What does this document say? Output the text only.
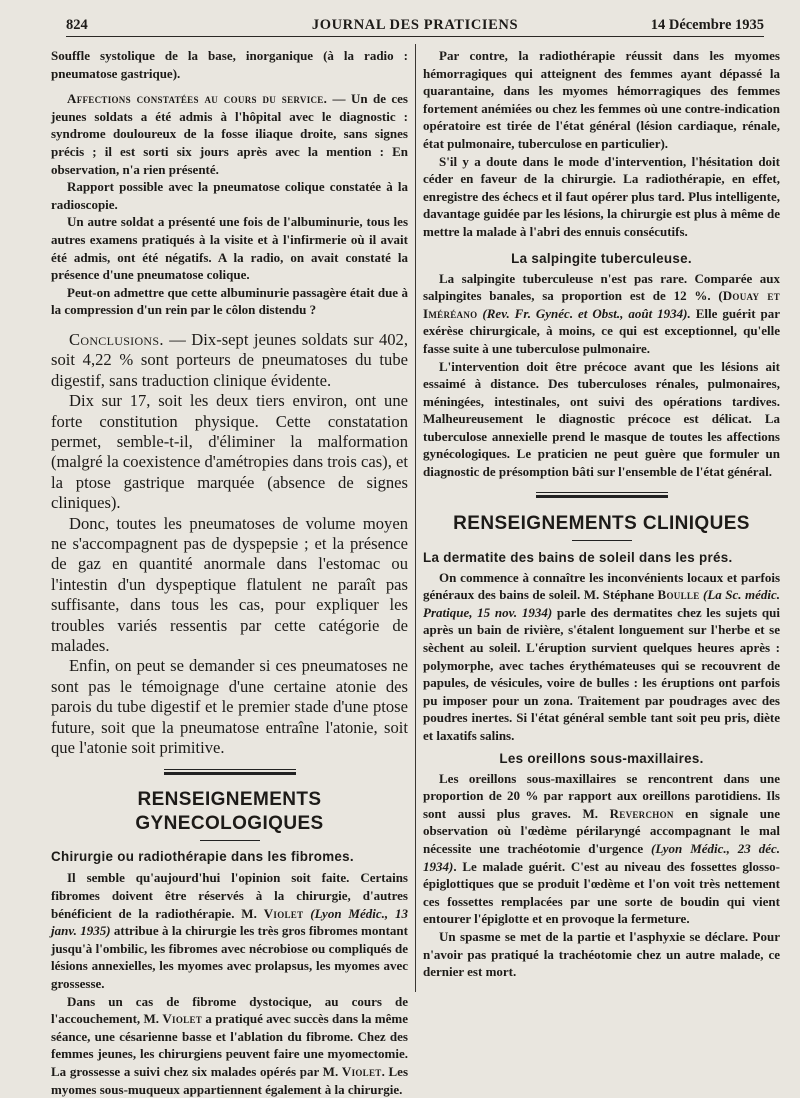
824	JOURNAL DES PRATICIENS	14 Décembre 1935

Souffle systolique de la base, inorganique (à la radio : pneumatose gastrique).

Affections constatées au cours du service. — Un de ces jeunes soldats a été admis à l'hôpital avec le diagnostic : syndrome douloureux de la fosse iliaque droite, sans signes précis ; il est sorti six jours après avec la mention : En observation, n'a rien présenté.

Rapport possible avec la pneumatose colique constatée à la radioscopie.

Un autre soldat a présenté une fois de l'albuminurie, tous les autres examens pratiqués à la visite et à l'infirmerie où il avait été admis, ont été négatifs. A la radio, on avait constaté la présence d'une pneumatose colique.

Peut-on admettre que cette albuminurie passagère était due à la compression d'un rein par le côlon distendu ?

Conclusions. — Dix-sept jeunes soldats sur 402, soit 4,22 % sont porteurs de pneumatoses du tube digestif, sans traduction clinique évidente.

Dix sur 17, soit les deux tiers environ, ont une forte constitution physique. Cette constatation permet, semble-t-il, d'éliminer la malformation (malgré la coexistence d'amétropies dans trois cas), et la ptose gastrique marquée (absence de signes cliniques).

Donc, toutes les pneumatoses de volume moyen ne s'accompagnent pas de dyspepsie ; et la présence de gaz en quantité anormale dans l'estomac ou l'intestin d'un dyspeptique flatulent ne paraît pas suffisante, dans tous les cas, pour expliquer les troubles variés ressentis par cette catégorie de malades.

Enfin, on peut se demander si ces pneumatoses ne sont pas le témoignage d'une certaine atonie des parois du tube digestif et le premier stade d'une ptose future, soit que la pneumatose entraîne l'atonie, soit que l'atonie soit primitive.

RENSEIGNEMENTS GYNECOLOGIQUES

Chirurgie ou radiothérapie dans les fibromes.

Il semble qu'aujourd'hui l'opinion soit faite. Certains fibromes doivent être réservés à la chirurgie, d'autres bénéficient de la radiothérapie. M. Violet (Lyon Médic., 13 janv. 1935) attribue à la chirurgie les très gros fibromes montant jusqu'à l'ombilic, les fibromes avec nécrobiose ou compliqués de lésions annexielles, les myomes avec prolapsus, les myomes avec grossesse.

Dans un cas de fibrome dystocique, au cours de l'accouchement, M. Violet a pratiqué avec succès dans la même séance, une césarienne basse et l'ablation du fibrome. Chez des femmes jeunes, les chirurgiens peuvent faire une myomectomie. La grossesse a suivi chez six malades opérés par M. Violet. Les myomes sous-muqueux appartiennent également à la chirurgie.

Par contre, la radiothérapie réussit dans les myomes hémorragiques qui atteignent des femmes ayant dépassé la quarantaine, dans les myomes hémorragiques des femmes fortement anémiées ou chez les femmes où une contre-indication opératoire est tirée de l'état général (lésion cardiaque, rénale, état pulmonaire, tuberculose en particulier).

S'il y a doute dans le mode d'intervention, l'hésitation doit céder en faveur de la chirurgie. La radiothérapie, en effet, enregistre des échecs et il faut opérer plus tard. Plus intelligente, davantage guidée par les lésions, la chirurgie est plus à même de mettre la malade à l'abri des ennuis consécutifs.

La salpingite tuberculeuse.

La salpingite tuberculeuse n'est pas rare. Comparée aux salpingites banales, sa proportion est de 12 %. (Douay et Iméréano (Rev. Fr. Gynéc. et Obst., août 1934). Elle guérit par exérèse chirurgicale, à moins, ce qui est exceptionnel, qu'elle fasse suite à une tuberculose pulmonaire.

L'intervention doit être précoce avant que les lésions ait essaimé à distance. Des tuberculoses rénales, pulmonaires, méningées, intestinales, ont suivi des opérations tardives. Malheureusement le diagnostic précoce est délicat. La tuberculose annexielle prend le masque de toutes les affections gynécologiques. Le praticien ne peut guère que formuler un diagnostic de présomption bâti sur l'ensemble de l'état général.

RENSEIGNEMENTS CLINIQUES

La dermatite des bains de soleil dans les prés.

On commence à connaître les inconvénients locaux et parfois généraux des bains de soleil. M. Stéphane Boulle (La Sc. médic. Pratique, 15 nov. 1934) parle des dermatites chez les sujets qui après un bain de rivière, s'étalent longuement sur l'herbe et se sèchent au soleil. L'éruption survient quelques heures après : polymorphe, avec taches érythémateuses qui se recouvrent de papules, de vésicules, voire de bulles : les éruptions ont parfois pu imposer pour un zona. Traitement par poudrages avec des poudres inertes. Si l'état général semble tant soit peu pris, diète et laxatifs salins.

Les oreillons sous-maxillaires.

Les oreillons sous-maxillaires se rencontrent dans une proportion de 20 % par rapport aux oreillons parotidiens. Ils sont aussi plus graves. M. Reverchon en signale une observation où l'œdème périlaryngé accompagnant le mal nécessite une trachéotomie d'urgence (Lyon Médic., 23 déc. 1934). Le malade guérit. C'est au niveau des fossettes glosso-épiglottiques que se produit l'œdème et l'on voit très nettement ces fossettes remplacées par une sorte de boudin qui vient entourer l'épiglotte et en provoque la fermeture.

Un spasme se met de la partie et l'asphyxie se déclare. Pour n'avoir pas pratiqué la trachéotomie chez un autre malade, ce dernier est mort.
